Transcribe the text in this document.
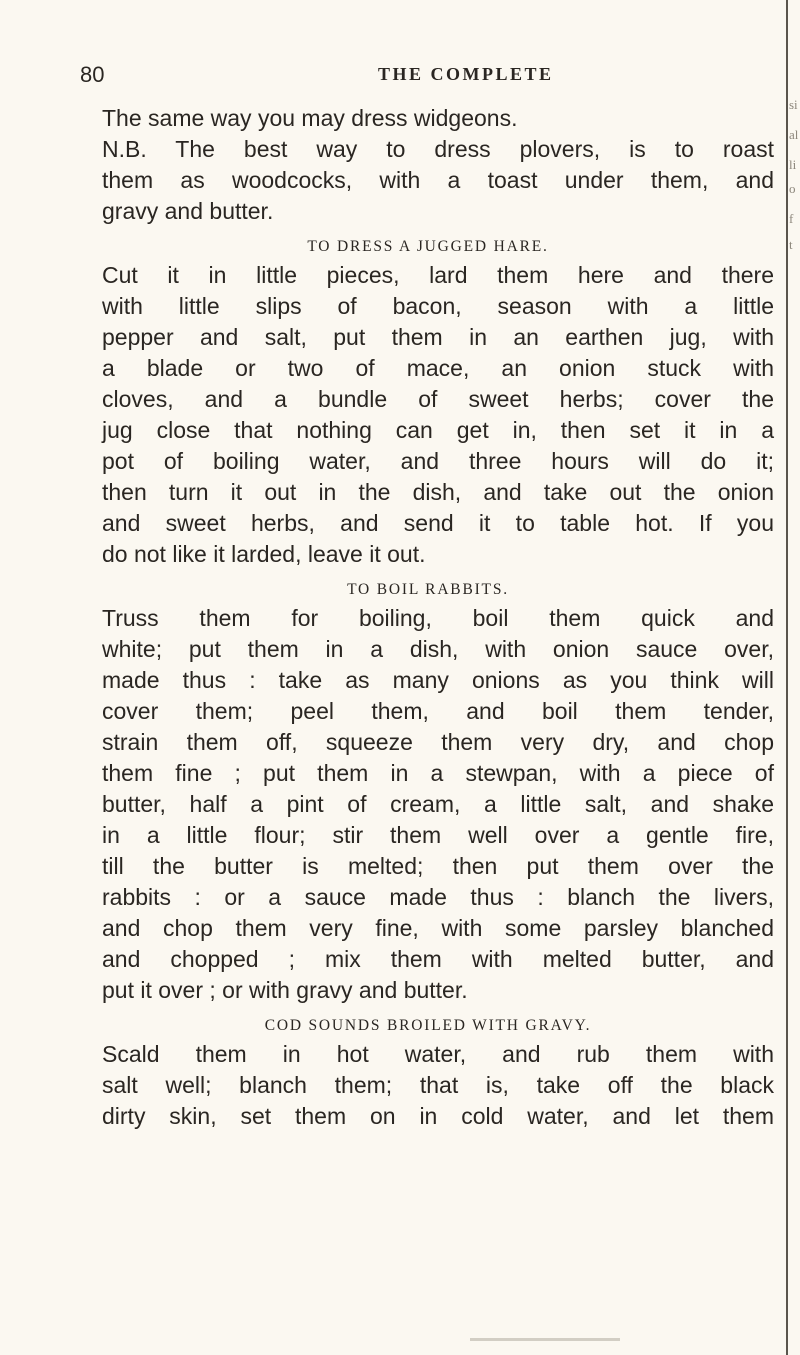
si
al
li
o
f
t
80	THE COMPLETE

The same way you may dress widgeons.

N.B. The best way to dress plovers, is to roast
them as woodcocks, with a toast under them, and
gravy and butter.

TO DRESS A JUGGED HARE.

Cut it in little pieces, lard them here and there
with little slips of bacon, season with a little
pepper and salt, put them in an earthen jug, with
a blade or two of mace, an onion stuck with
cloves, and a bundle of sweet herbs; cover the
jug close that nothing can get in, then set it in a
pot of boiling water, and three hours will do it;
then turn it out in the dish, and take out the onion
and sweet herbs, and send it to table hot. If you
do not like it larded, leave it out.

TO BOIL RABBITS.

Truss them for boiling, boil them quick and
white; put them in a dish, with onion sauce over,
made thus : take as many onions as you think will
cover them; peel them, and boil them tender,
strain them off, squeeze them very dry, and chop
them fine ; put them in a stewpan, with a piece of
butter, half a pint of cream, a little salt, and shake
in a little flour; stir them well over a gentle fire,
till the butter is melted; then put them over the
rabbits : or a sauce made thus : blanch the livers,
and chop them very fine, with some parsley blanched
and chopped ; mix them with melted butter, and
put it over ; or with gravy and butter.

COD SOUNDS BROILED WITH GRAVY.

Scald them in hot water, and rub them with
salt well; blanch them; that is, take off the black
dirty skin, set them on in cold water, and let them
